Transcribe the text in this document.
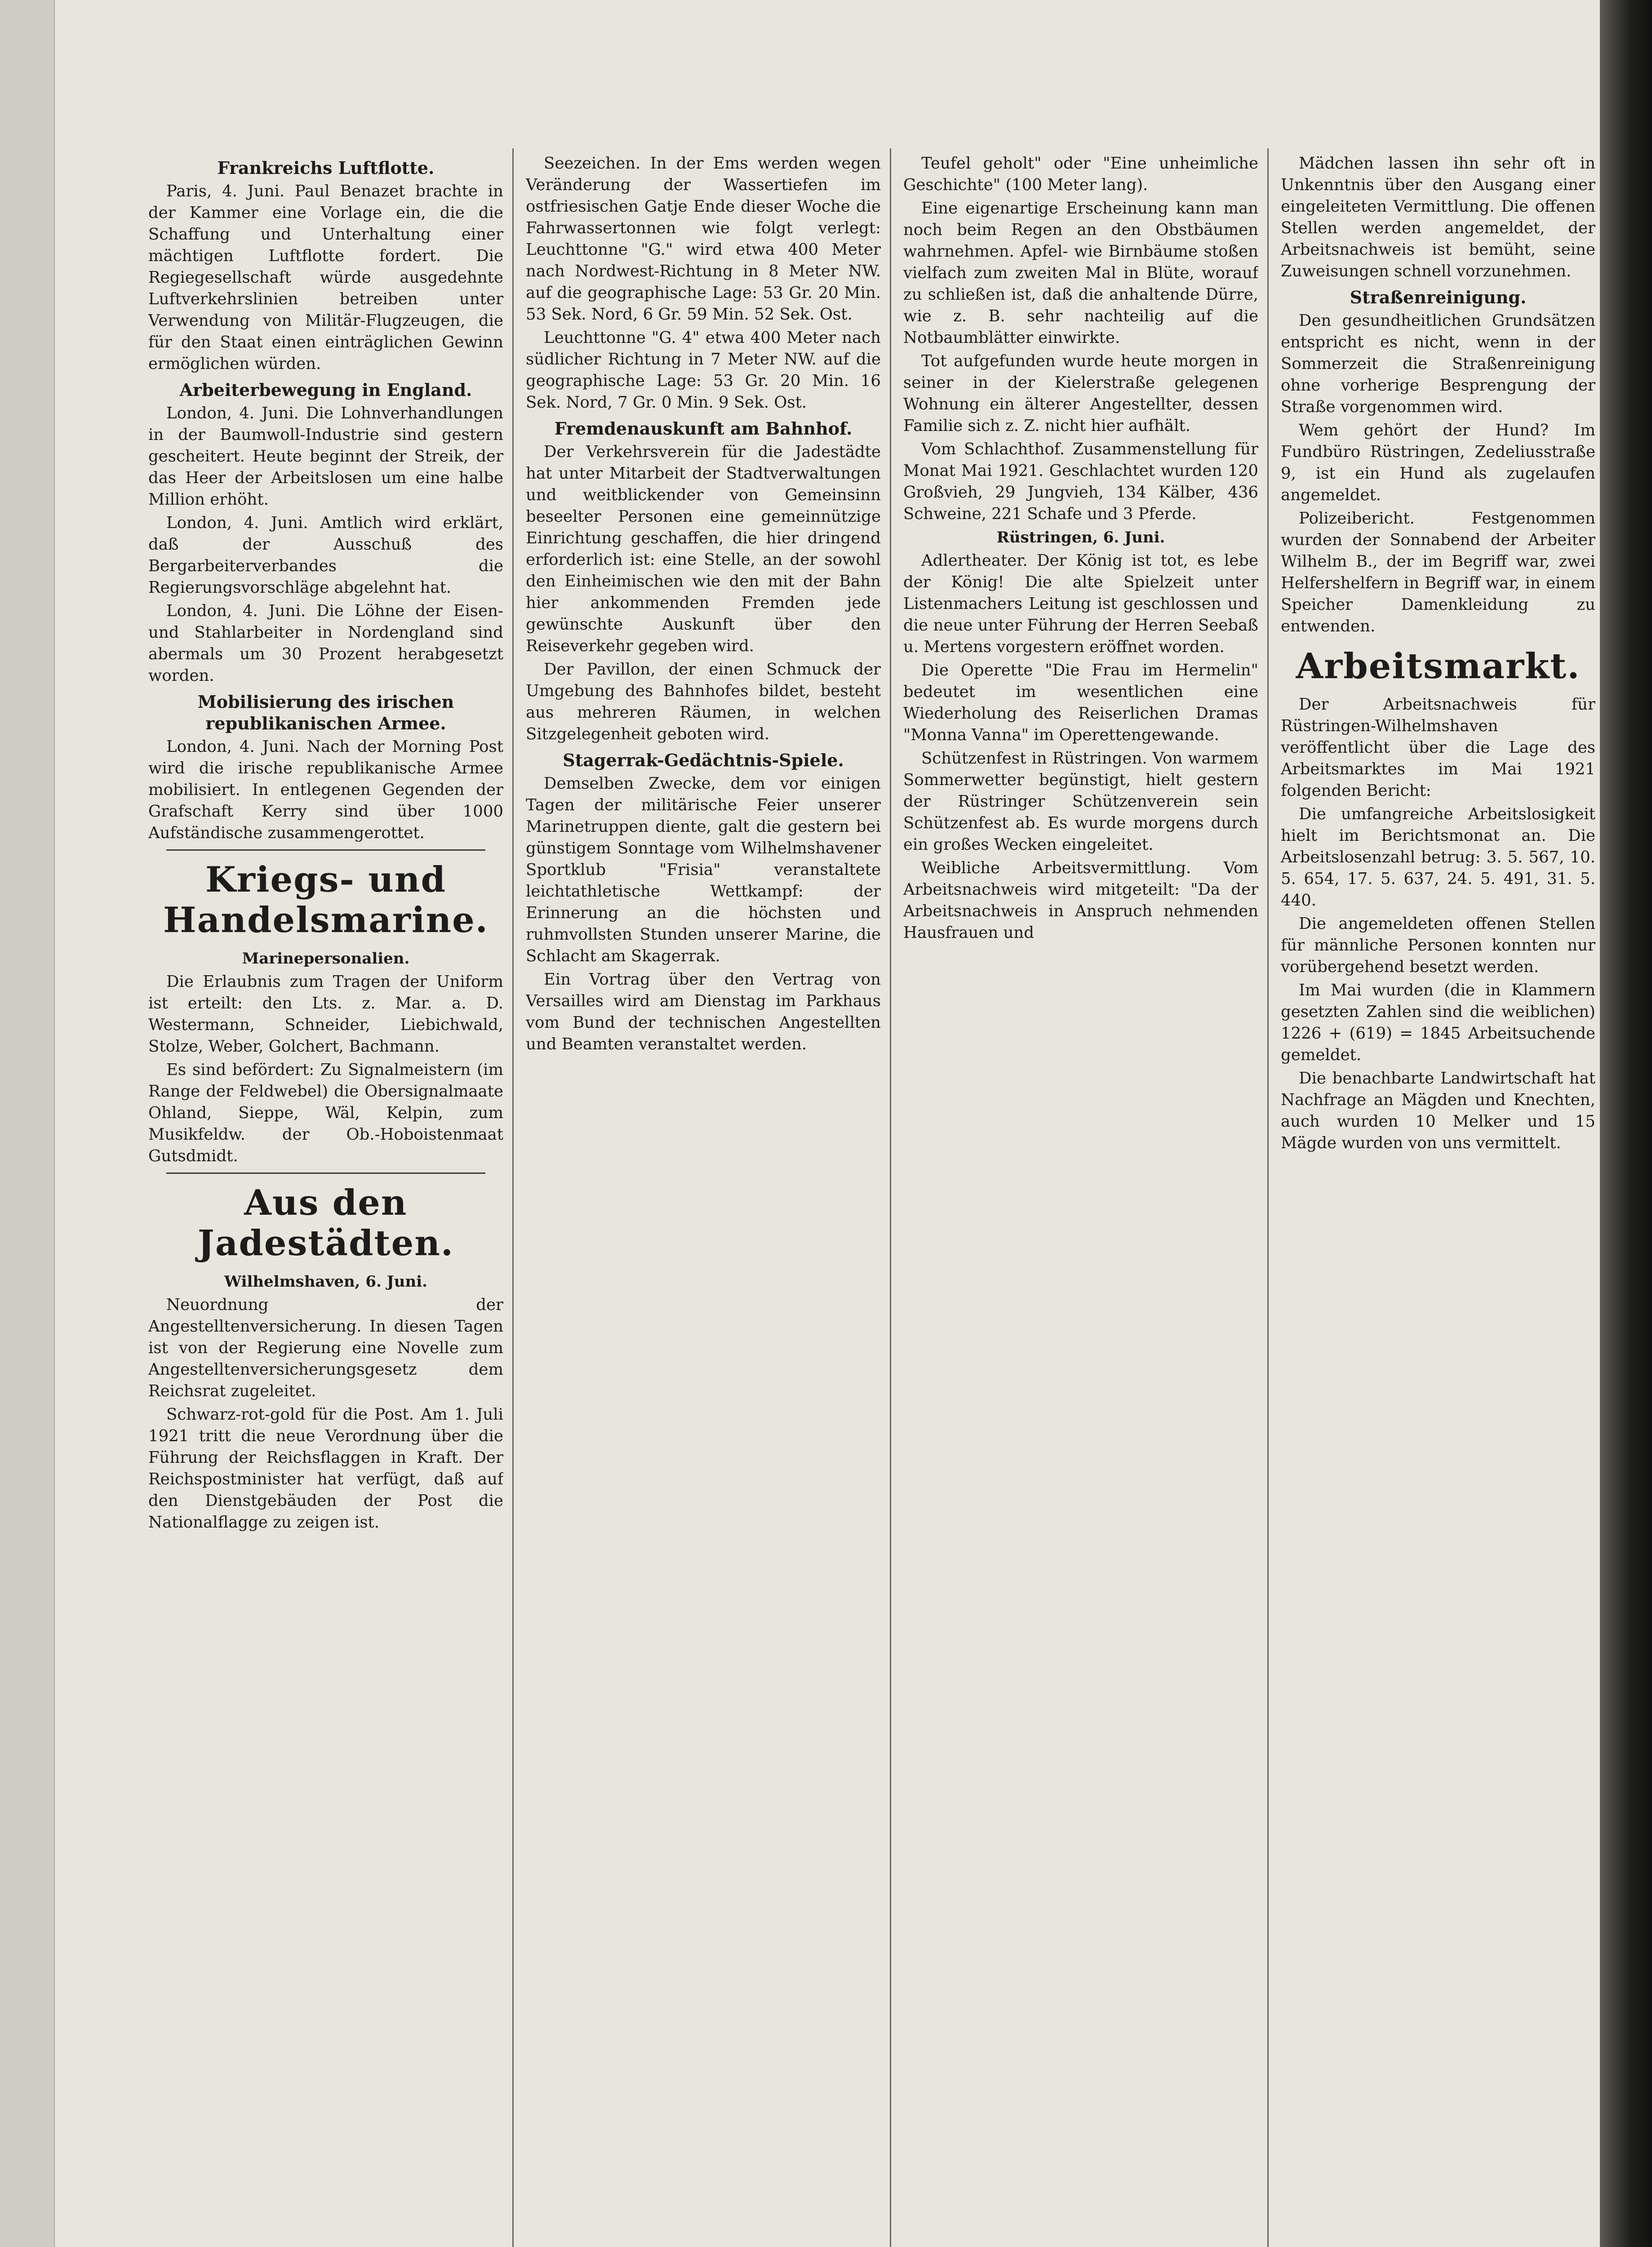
Frankreichs Luftflotte.

Paris, 4. Juni. Paul Benazet brachte in der Kammer eine Vorlage ein, die die Schaffung und Unterhaltung einer mächtigen Luftflotte fordert. Die Regiegesellschaft würde ausgedehnte Luftverkehrslinien betreiben unter Verwendung von Militär-Flugzeugen, die für den Staat einen einträglichen Gewinn ermöglichen würden.

Arbeiterbewegung in England.

London, 4. Juni. Die Lohnverhandlungen in der Baumwoll-Industrie sind gestern gescheitert. Heute beginnt der Streik, der das Heer der Arbeitslosen um eine halbe Million erhöht.

London, 4. Juni. Amtlich wird erklärt, daß der Ausschuß des Bergarbeiterverbandes die Regierungsvorschläge abgelehnt hat.

London, 4. Juni. Die Löhne der Eisen- und Stahlarbeiter in Nordengland sind abermals um 30 Prozent herabgesetzt worden.

Mobilisierung des irischen republikanischen Armee.

London, 4. Juni. Nach der Morning Post wird die irische republikanische Armee mobilisiert. In entlegenen Gegenden der Grafschaft Kerry sind über 1000 Aufständische zusammengerottet.

Kriegs- und Handelsmarine.
Marinepersonalien.

Die Erlaubnis zum Tragen der Uniform ist erteilt: den Lts. z. Mar. a. D. Westermann, Schneider, Liebichwald, Stolze, Weber, Golchert, Bachmann.

Es sind befördert: Zu Signalmeistern (im Range der Feldwebel) die Obersignalmaate Ohland, Sieppe, Wäl, Kelpin, zum Musikfeldw. der Ob.-Hoboistenmaat Gutsdmidt.

Aus den Jadestädten.
Wilhelmshaven, 6. Juni.

Neuordnung der Angestelltenversicherung. In diesen Tagen ist von der Regierung eine Novelle zum Angestelltenversicherungsgesetz dem Reichsrat zugeleitet.

Schwarz-rot-gold für die Post. Am 1. Juli 1921 tritt die neue Verordnung über die Führung der Reichsflaggen in Kraft. Der Reichspostminister hat verfügt, daß auf den Dienstgebäuden der Post die Nationalflagge zu zeigen ist.

Seezeichen. In der Ems werden wegen Veränderung der Wassertiefen im ostfriesischen Gatje Ende dieser Woche die Fahrwassertonnen wie folgt verlegt: Leuchttonne "G." wird etwa 400 Meter nach Nordwest-Richtung in 8 Meter NW. auf die geographische Lage: 53 Gr. 20 Min. 53 Sek. Nord, 6 Gr. 59 Min. 52 Sek. Ost.

Leuchttonne "G. 4" etwa 400 Meter nach südlicher Richtung in 7 Meter NW. auf die geographische Lage: 53 Gr. 20 Min. 16 Sek. Nord, 7 Gr. 0 Min. 9 Sek. Ost.

Fremdenauskunft am Bahnhof.

Der Verkehrsverein für die Jadestädte hat unter Mitarbeit der Stadtverwaltungen und weitblickender von Gemeinsinn beseelter Personen eine gemeinnützige Einrichtung geschaffen, die hier dringend erforderlich ist: eine Stelle, an der sowohl den Einheimischen wie den mit der Bahn hier ankommenden Fremden jede gewünschte Auskunft über den Reiseverkehr gegeben wird.

Der Pavillon, der einen Schmuck der Umgebung des Bahnhofes bildet, besteht aus mehreren Räumen, in welchen Sitzgelegenheit geboten wird.

Stagerrak-Gedächtnis-Spiele.

Demselben Zwecke, dem vor einigen Tagen der militärische Feier unserer Marinetruppen diente, galt die gestern bei günstigem Sonntage vom Wilhelmshavener Sportklub "Frisia" veranstaltete leichtathletische Wettkampf: der Erinnerung an die höchsten und ruhmvollsten Stunden unserer Marine, die Schlacht am Skagerrak.

Ein Vortrag über den Vertrag von Versailles wird am Dienstag im Parkhaus vom Bund der technischen Angestellten und Beamten veranstaltet werden.

Teufel geholt" oder "Eine unheimliche Geschichte" (100 Meter lang).

Eine eigenartige Erscheinung kann man noch beim Regen an den Obstbäumen wahrnehmen. Apfel- wie Birnbäume stoßen vielfach zum zweiten Mal in Blüte, worauf zu schließen ist, daß die anhaltende Dürre, wie z. B. sehr nachteilig auf die Notbaumblätter einwirkte.

Tot aufgefunden wurde heute morgen in seiner in der Kielerstraße gelegenen Wohnung ein älterer Angestellter, dessen Familie sich z. Z. nicht hier aufhält.

Vom Schlachthof. Zusammenstellung für Monat Mai 1921. Geschlachtet wurden 120 Großvieh, 29 Jungvieh, 134 Kälber, 436 Schweine, 221 Schafe und 3 Pferde.

Rüstringen, 6. Juni.

Adlertheater. Der König ist tot, es lebe der König! Die alte Spielzeit unter Listenmachers Leitung ist geschlossen und die neue unter Führung der Herren Seebaß u. Mertens vorgestern eröffnet worden.

Die Operette "Die Frau im Hermelin" bedeutet im wesentlichen eine Wiederholung des Reiserlichen Dramas "Monna Vanna" im Operettengewande.

Schützenfest in Rüstringen. Von warmem Sommerwetter begünstigt, hielt gestern der Rüstringer Schützenverein sein Schützenfest ab. Es wurde morgens durch ein großes Wecken eingeleitet.

Weibliche Arbeitsvermittlung. Vom Arbeitsnachweis wird mitgeteilt: "Da der Arbeitsnachweis in Anspruch nehmenden Hausfrauen und

Mädchen lassen ihn sehr oft in Unkenntnis über den Ausgang einer eingeleiteten Vermittlung. Die offenen Stellen werden angemeldet, der Arbeitsnachweis ist bemüht, seine Zuweisungen schnell vorzunehmen.

Straßenreinigung.

Den gesundheitlichen Grundsätzen entspricht es nicht, wenn in der Sommerzeit die Straßenreinigung ohne vorherige Besprengung der Straße vorgenommen wird.

Wem gehört der Hund? Im Fundbüro Rüstringen, Zedeliusstraße 9, ist ein Hund als zugelaufen angemeldet.

Polizeibericht. Festgenommen wurden der Sonnabend der Arbeiter Wilhelm B., der im Begriff war, zwei Helfershelfern in Begriff war, in einem Speicher Damenkleidung zu entwenden.

Arbeitsmarkt.

Der Arbeitsnachweis für Rüstringen-Wilhelmshaven veröffentlicht über die Lage des Arbeitsmarktes im Mai 1921 folgenden Bericht:

Die umfangreiche Arbeitslosigkeit hielt im Berichtsmonat an. Die Arbeitslosenzahl betrug: 3. 5. 567, 10. 5. 654, 17. 5. 637, 24. 5. 491, 31. 5. 440.

Die angemeldeten offenen Stellen für männliche Personen konnten nur vorübergehend besetzt werden.

Im Mai wurden (die in Klammern gesetzten Zahlen sind die weiblichen) 1226 + (619) = 1845 Arbeitsuchende gemeldet.

Die benachbarte Landwirtschaft hat Nachfrage an Mägden und Knechten, auch wurden 10 Melker und 15 Mägde wurden von uns vermittelt.
